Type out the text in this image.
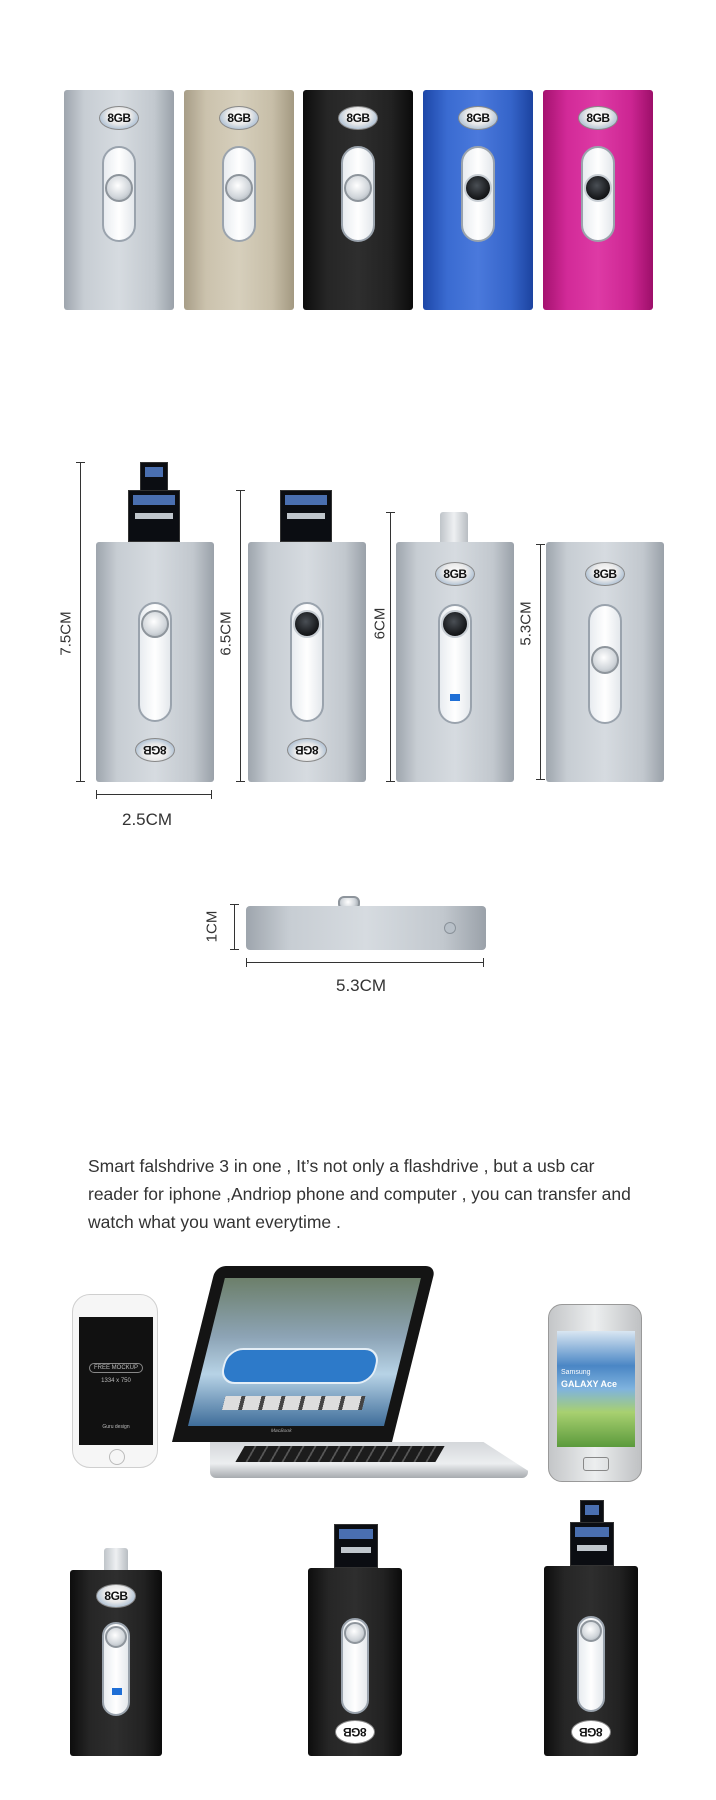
8GB	8GB	8GB	8GB	8GB
8GB	8GB
8GB	8GB
7.5CM	6.5CM	6CM	5.3CM
2.5CM
1CM
5.3CM

Smart falshdrive 3 in one , It’s not only a flashdrive , but a usb car reader for iphone ,Andriop phone and computer , you can transfer and watch what you want everytime .

FREE MOCKUP
1334 x 750
Guru design
MacBook
Samsung
GALAXY Ace
8GB
8GB	8GB
